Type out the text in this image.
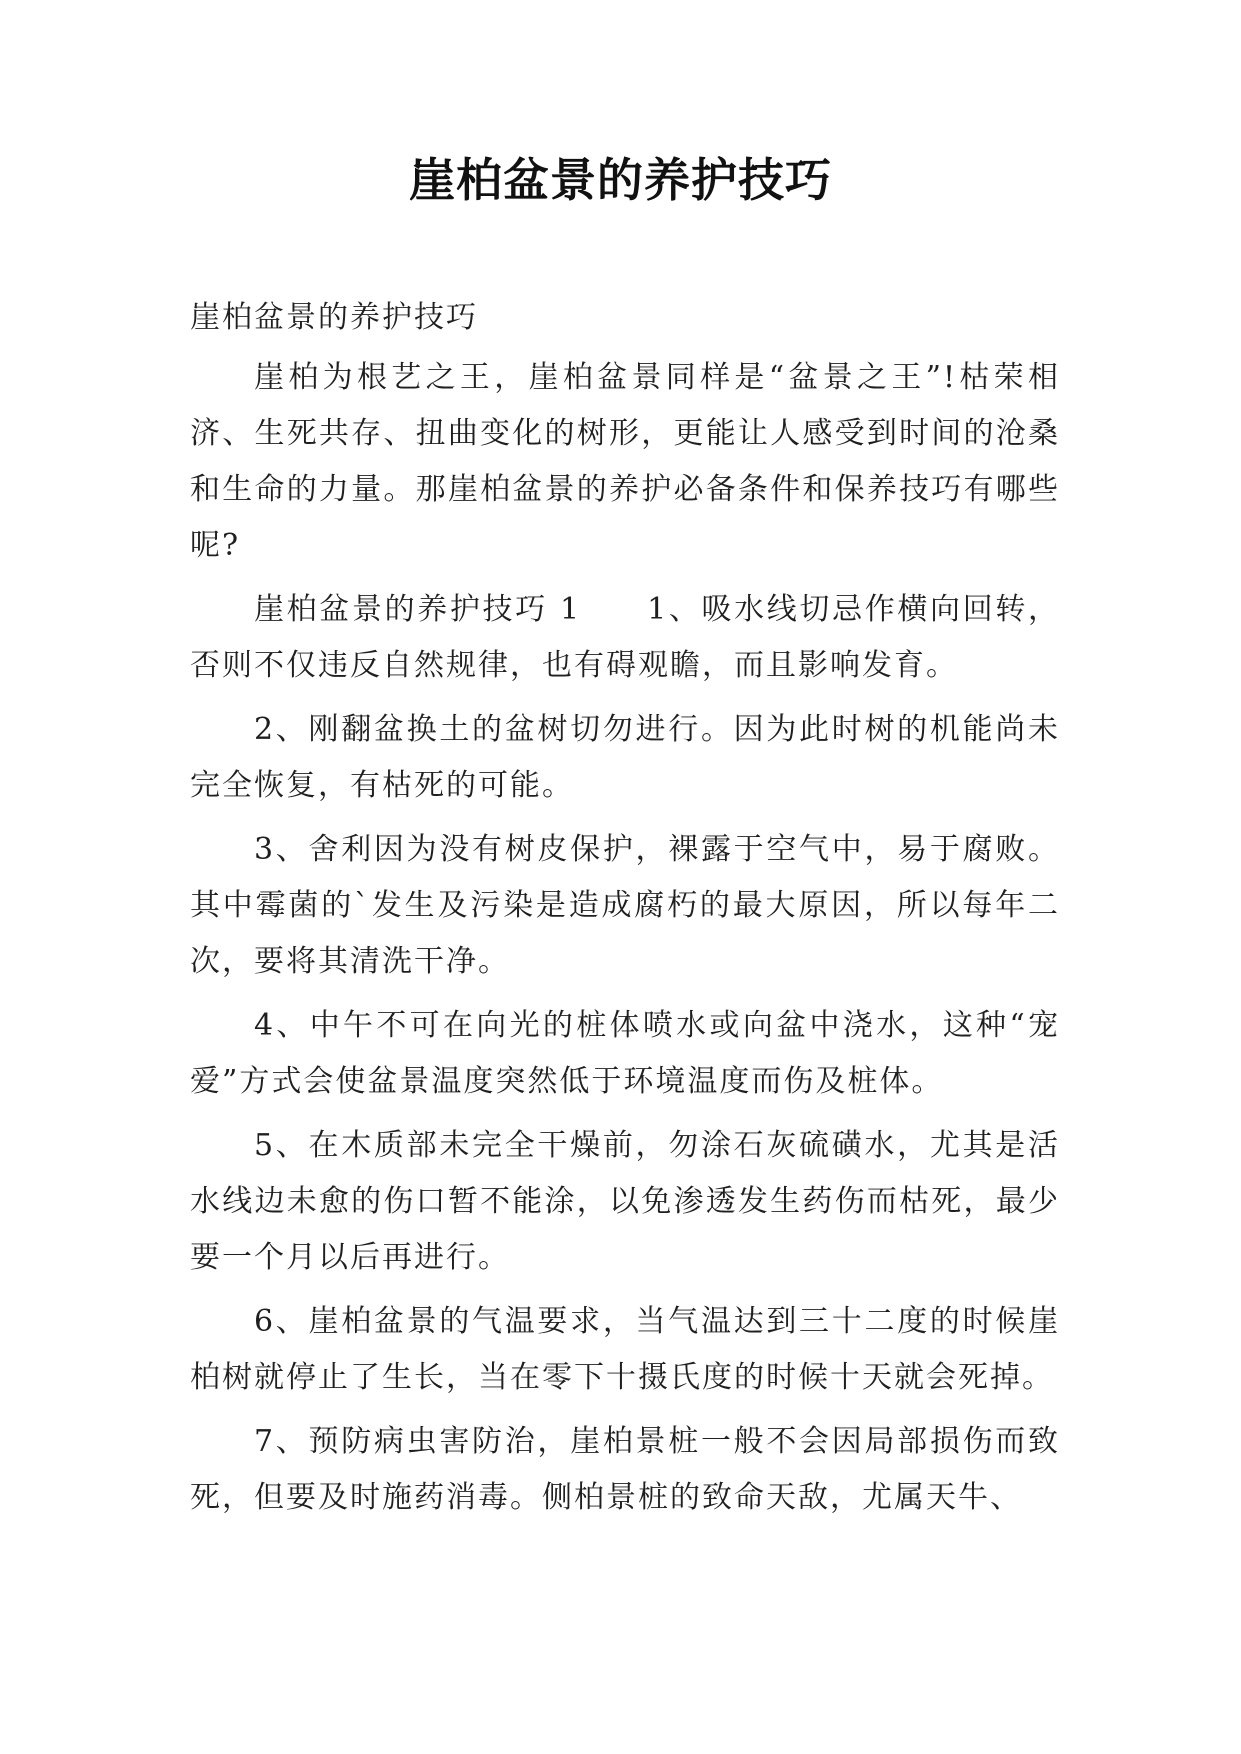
崖柏盆景的养护技巧

崖柏盆景的养护技巧

崖柏为根艺之王，崖柏盆景同样是“盆景之王”!枯荣相济、生死共存、扭曲变化的树形，更能让人感受到时间的沧桑和生命的力量。那崖柏盆景的养护必备条件和保养技巧有哪些呢?

崖柏盆景的养护技巧 1　　1、吸水线切忌作横向回转，否则不仅违反自然规律，也有碍观瞻，而且影响发育。

2、刚翻盆换土的盆树切勿进行。因为此时树的机能尚未完全恢复，有枯死的可能。

3、舍利因为没有树皮保护，裸露于空气中，易于腐败。其中霉菌的`发生及污染是造成腐朽的最大原因，所以每年二次，要将其清洗干净。

4、中午不可在向光的桩体喷水或向盆中浇水，这种“宠爱”方式会使盆景温度突然低于环境温度而伤及桩体。

5、在木质部未完全干燥前，勿涂石灰硫磺水，尤其是活水线边未愈的伤口暂不能涂，以免渗透发生药伤而枯死，最少要一个月以后再进行。

6、崖柏盆景的气温要求，当气温达到三十二度的时候崖柏树就停止了生长，当在零下十摄氏度的时候十天就会死掉。

7、预防病虫害防治，崖柏景桩一般不会因局部损伤而致死，但要及时施药消毒。侧柏景桩的致命天敌，尤属天牛、
